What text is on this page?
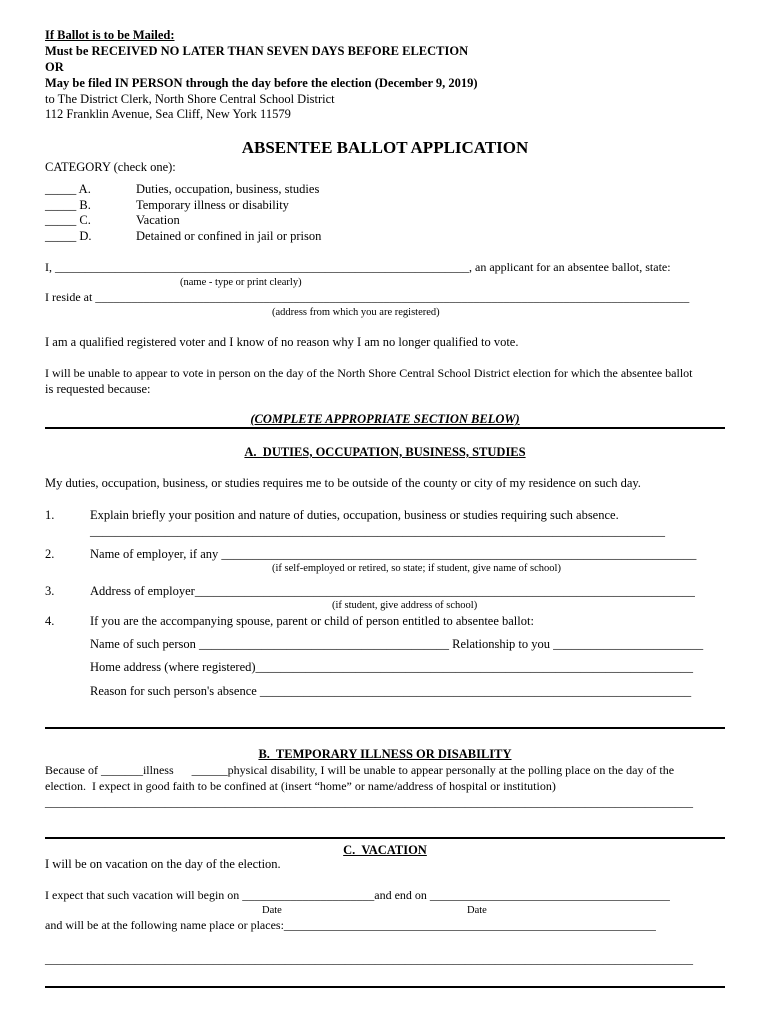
If Ballot is to be Mailed:
Must be RECEIVED NO LATER THAN SEVEN DAYS BEFORE ELECTION
OR
May be filed IN PERSON through the day before the election (December 9, 2019)
to The District Clerk, North Shore Central School District
112 Franklin Avenue, Sea Cliff, New York 11579
ABSENTEE BALLOT APPLICATION
CATEGORY (check one):
_____ A.	Duties, occupation, business, studies
_____ B.	Temporary illness or disability
_____ C.	Vacation
_____ D.	Detained or confined in jail or prison
I, _____________________________________________________________________, an applicant for an absentee ballot, state:
(name - type or print clearly)
I reside at ___________________________________________________________________________________________________
(address from which you are registered)
I am a qualified registered voter and I know of no reason why I am no longer qualified to vote.
I will be unable to appear to vote in person on the day of the North Shore Central School District election for which the absentee ballot
is requested because:
(COMPLETE APPROPRIATE SECTION BELOW)
A.  DUTIES, OCCUPATION, BUSINESS, STUDIES
My duties, occupation, business, or studies requires me to be outside of the county or city of my residence on such day.
1.	Explain briefly your position and nature of duties, occupation, business or studies requiring such absence.
____________________________________________________________________________________________
2.	Name of employer, if any ____________________________________________________________________________
(if self-employed or retired, so state; if student, give name of school)
3.	Address of employer________________________________________________________________________________
(if student, give address of school)
4.	If you are the accompanying spouse, parent or child of person entitled to absentee ballot:
Name of such person ________________________________________ Relationship to you ________________________
Home address (where registered)______________________________________________________________________
Reason for such person's absence _____________________________________________________________________
B.  TEMPORARY ILLNESS OR DISABILITY
Because of _______illness      ______physical disability, I will be unable to appear personally at the polling place on the day of the
election.  I expect in good faith to be confined at (insert “home” or name/address of hospital or institution)
____________________________________________________________________________________________________________
C.  VACATION
I will be on vacation on the day of the election.
I expect that such vacation will begin on ______________________and end on ________________________________________
Date	Date
and will be at the following name place or places:______________________________________________________________
____________________________________________________________________________________________________________
